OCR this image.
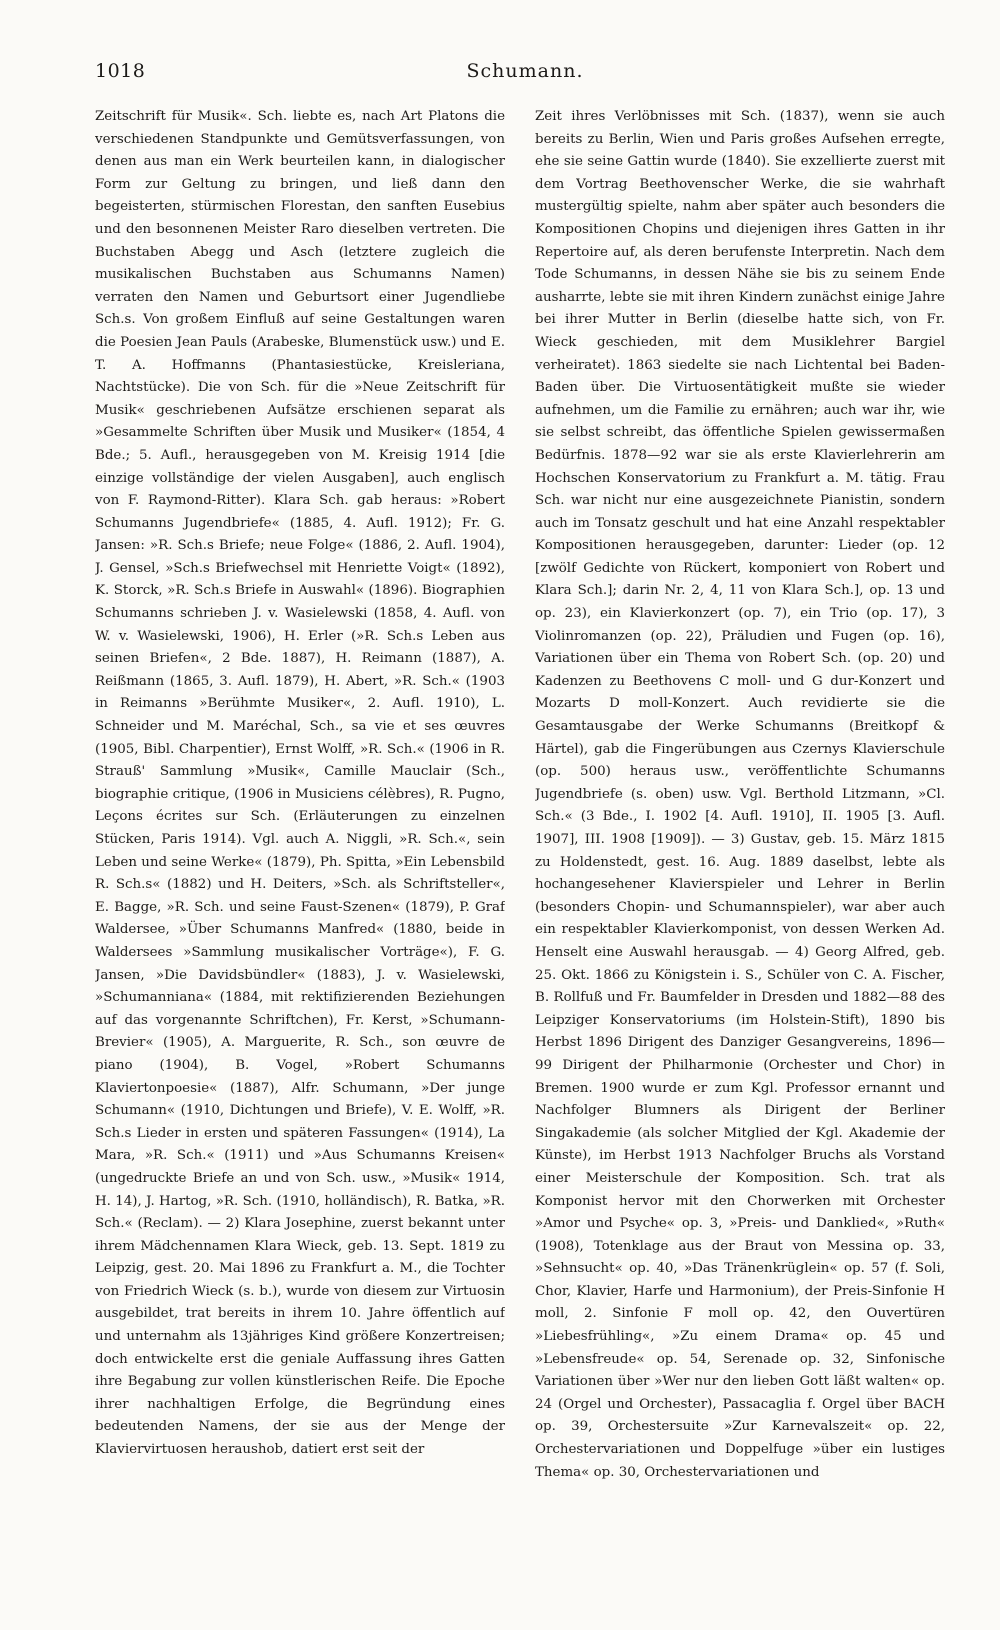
1018	Schumann.

Zeitschrift für Musik«. Sch. liebte es, nach Art Platons die verschiedenen Standpunkte und Gemütsverfassungen, von denen aus man ein Werk beurteilen kann, in dialogischer Form zur Geltung zu bringen, und ließ dann den begeisterten, stürmischen Florestan, den sanften Eusebius und den besonnenen Meister Raro dieselben vertreten. Die Buchstaben Abegg und Asch (letztere zugleich die musikalischen Buchstaben aus Schumanns Namen) verraten den Namen und Geburtsort einer Jugendliebe Sch.s. Von großem Einfluß auf seine Gestaltungen waren die Poesien Jean Pauls (Arabeske, Blumenstück usw.) und E. T. A. Hoffmanns (Phantasiestücke, Kreisleriana, Nachtstücke). Die von Sch. für die »Neue Zeitschrift für Musik« geschriebenen Aufsätze erschienen separat als »Gesammelte Schriften über Musik und Musiker« (1854, 4 Bde.; 5. Aufl., herausgegeben von M. Kreisig 1914 [die einzige vollständige der vielen Ausgaben], auch englisch von F. Raymond-Ritter). Klara Sch. gab heraus: »Robert Schumanns Jugendbriefe« (1885, 4. Aufl. 1912); Fr. G. Jansen: »R. Sch.s Briefe; neue Folge« (1886, 2. Aufl. 1904), J. Gensel, »Sch.s Briefwechsel mit Henriette Voigt« (1892), K. Storck, »R. Sch.s Briefe in Auswahl« (1896). Biographien Schumanns schrieben J. v. Wasielewski (1858, 4. Aufl. von W. v. Wasielewski, 1906), H. Erler (»R. Sch.s Leben aus seinen Briefen«, 2 Bde. 1887), H. Reimann (1887), A. Reißmann (1865, 3. Aufl. 1879), H. Abert, »R. Sch.« (1903 in Reimanns »Berühmte Musiker«, 2. Aufl. 1910), L. Schneider und M. Maréchal, Sch., sa vie et ses œuvres (1905, Bibl. Charpentier), Ernst Wolff, »R. Sch.« (1906 in R. Strauß' Sammlung »Musik«, Camille Mauclair (Sch., biographie critique, (1906 in Musiciens célèbres), R. Pugno, Leçons écrites sur Sch. (Erläuterungen zu einzelnen Stücken, Paris 1914). Vgl. auch A. Niggli, »R. Sch.«, sein Leben und seine Werke« (1879), Ph. Spitta, »Ein Lebensbild R. Sch.s« (1882) und H. Deiters, »Sch. als Schriftsteller«, E. Bagge, »R. Sch. und seine Faust-Szenen« (1879), P. Graf Waldersee, »Über Schumanns Manfred« (1880, beide in Waldersees »Sammlung musikalischer Vorträge«), F. G. Jansen, »Die Davidsbündler« (1883), J. v. Wasielewski, »Schumanniana« (1884, mit rektifizierenden Beziehungen auf das vorgenannte Schriftchen), Fr. Kerst, »Schumann-Brevier« (1905), A. Marguerite, R. Sch., son œuvre de piano (1904), B. Vogel, »Robert Schumanns Klaviertonpoesie« (1887), Alfr. Schumann, »Der junge Schumann« (1910, Dichtungen und Briefe), V. E. Wolff, »R. Sch.s Lieder in ersten und späteren Fassungen« (1914), La Mara, »R. Sch.« (1911) und »Aus Schumanns Kreisen« (ungedruckte Briefe an und von Sch. usw., »Musik« 1914, H. 14), J. Hartog, »R. Sch. (1910, holländisch), R. Batka, »R. Sch.« (Reclam). — 2) Klara Josephine, zuerst bekannt unter ihrem Mädchennamen Klara Wieck, geb. 13. Sept. 1819 zu Leipzig, gest. 20. Mai 1896 zu Frankfurt a. M., die Tochter von Friedrich Wieck (s. b.), wurde von diesem zur Virtuosin ausgebildet, trat bereits in ihrem 10. Jahre öffentlich auf und unternahm als 13jähriges Kind größere Konzertreisen; doch entwickelte erst die geniale Auffassung ihres Gatten ihre Begabung zur vollen künstlerischen Reife. Die Epoche ihrer nachhaltigen Erfolge, die Begründung eines bedeutenden Namens, der sie aus der Menge der Klaviervirtuosen heraushob, datiert erst seit der

Zeit ihres Verlöbnisses mit Sch. (1837), wenn sie auch bereits zu Berlin, Wien und Paris großes Aufsehen erregte, ehe sie seine Gattin wurde (1840). Sie exzellierte zuerst mit dem Vortrag Beethovenscher Werke, die sie wahrhaft mustergültig spielte, nahm aber später auch besonders die Kompositionen Chopins und diejenigen ihres Gatten in ihr Repertoire auf, als deren berufenste Interpretin. Nach dem Tode Schumanns, in dessen Nähe sie bis zu seinem Ende ausharrte, lebte sie mit ihren Kindern zunächst einige Jahre bei ihrer Mutter in Berlin (dieselbe hatte sich, von Fr. Wieck geschieden, mit dem Musiklehrer Bargiel verheiratet). 1863 siedelte sie nach Lichtental bei Baden-Baden über. Die Virtuosentätigkeit mußte sie wieder aufnehmen, um die Familie zu ernähren; auch war ihr, wie sie selbst schreibt, das öffentliche Spielen gewissermaßen Bedürfnis. 1878—92 war sie als erste Klavierlehrerin am Hochschen Konservatorium zu Frankfurt a. M. tätig. Frau Sch. war nicht nur eine ausgezeichnete Pianistin, sondern auch im Tonsatz geschult und hat eine Anzahl respektabler Kompositionen herausgegeben, darunter: Lieder (op. 12 [zwölf Gedichte von Rückert, komponiert von Robert und Klara Sch.]; darin Nr. 2, 4, 11 von Klara Sch.], op. 13 und op. 23), ein Klavierkonzert (op. 7), ein Trio (op. 17), 3 Violinromanzen (op. 22), Präludien und Fugen (op. 16), Variationen über ein Thema von Robert Sch. (op. 20) und Kadenzen zu Beethovens C moll- und G dur-Konzert und Mozarts D moll-Konzert. Auch revidierte sie die Gesamtausgabe der Werke Schumanns (Breitkopf & Härtel), gab die Fingerübungen aus Czernys Klavierschule (op. 500) heraus usw., veröffentlichte Schumanns Jugendbriefe (s. oben) usw. Vgl. Berthold Litzmann, »Cl. Sch.« (3 Bde., I. 1902 [4. Aufl. 1910], II. 1905 [3. Aufl. 1907], III. 1908 [1909]). — 3) Gustav, geb. 15. März 1815 zu Holdenstedt, gest. 16. Aug. 1889 daselbst, lebte als hochangesehener Klavierspieler und Lehrer in Berlin (besonders Chopin- und Schumannspieler), war aber auch ein respektabler Klavierkomponist, von dessen Werken Ad. Henselt eine Auswahl herausgab. — 4) Georg Alfred, geb. 25. Okt. 1866 zu Königstein i. S., Schüler von C. A. Fischer, B. Rollfuß und Fr. Baumfelder in Dresden und 1882—88 des Leipziger Konservatoriums (im Holstein-Stift), 1890 bis Herbst 1896 Dirigent des Danziger Gesangvereins, 1896—99 Dirigent der Philharmonie (Orchester und Chor) in Bremen. 1900 wurde er zum Kgl. Professor ernannt und Nachfolger Blumners als Dirigent der Berliner Singakademie (als solcher Mitglied der Kgl. Akademie der Künste), im Herbst 1913 Nachfolger Bruchs als Vorstand einer Meisterschule der Komposition. Sch. trat als Komponist hervor mit den Chorwerken mit Orchester »Amor und Psyche« op. 3, »Preis- und Danklied«, »Ruth« (1908), Totenklage aus der Braut von Messina op. 33, »Sehnsucht« op. 40, »Das Tränenkrüglein« op. 57 (f. Soli, Chor, Klavier, Harfe und Harmonium), der Preis-Sinfonie H moll, 2. Sinfonie F moll op. 42, den Ouvertüren »Liebesfrühling«, »Zu einem Drama« op. 45 und »Lebensfreude« op. 54, Serenade op. 32, Sinfonische Variationen über »Wer nur den lieben Gott läßt walten« op. 24 (Orgel und Orchester), Passacaglia f. Orgel über BACH op. 39, Orchestersuite »Zur Karnevalszeit« op. 22, Orchestervariationen und Doppelfuge »über ein lustiges Thema« op. 30, Orchestervariationen und
